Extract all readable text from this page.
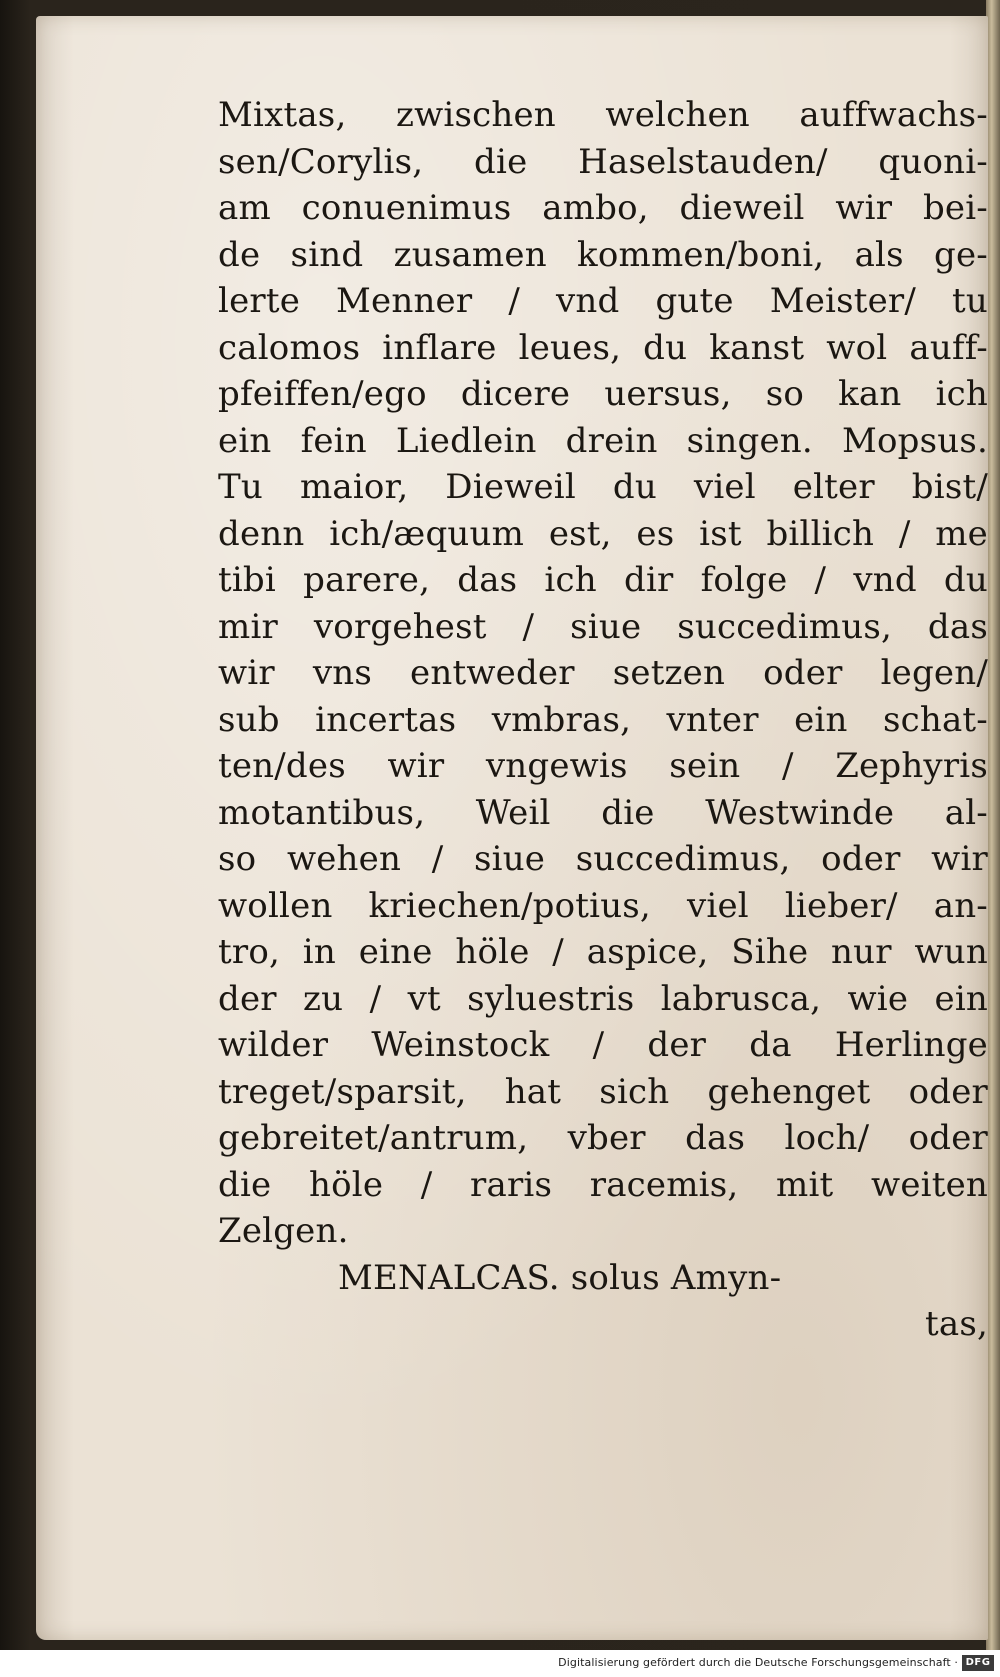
Mixtas, zwischen welchen auffwachs-
sen/Corylis, die Haselstauden/ quoni-
am conuenimus ambo, dieweil wir bei-
de sind zusamen kommen/boni, als ge-
lerte Menner / vnd gute Meister/ tu
calomos inflare leues, du kanst wol auff-
pfeiffen/ego dicere uersus, so kan ich
ein fein Liedlein drein singen. Mopsus.
Tu maior, Dieweil du viel elter bist/
denn ich/æquum est, es ist billich / me
tibi parere, das ich dir folge / vnd du
mir vorgehest / siue succedimus, das
wir vns entweder setzen oder legen/
sub incertas vmbras, vnter ein schat-
ten/des wir vngewis sein / Zephyris
motantibus, Weil die Westwinde al-
so wehen / siue succedimus, oder wir
wollen kriechen/potius, viel lieber/ an-
tro, in eine höle / aspice, Sihe nur wun
der zu / vt syluestris labrusca, wie ein
wilder Weinstock / der da Herlinge
treget/sparsit, hat sich gehenget oder
gebreitet/antrum, vber das loch/ oder
die höle / raris racemis, mit weiten
Zelgen.
MENALCAS. solus Amyn-
tas,
Digitalisierung gefördert durch die Deutsche Forschungsgemeinschaft · DFG
